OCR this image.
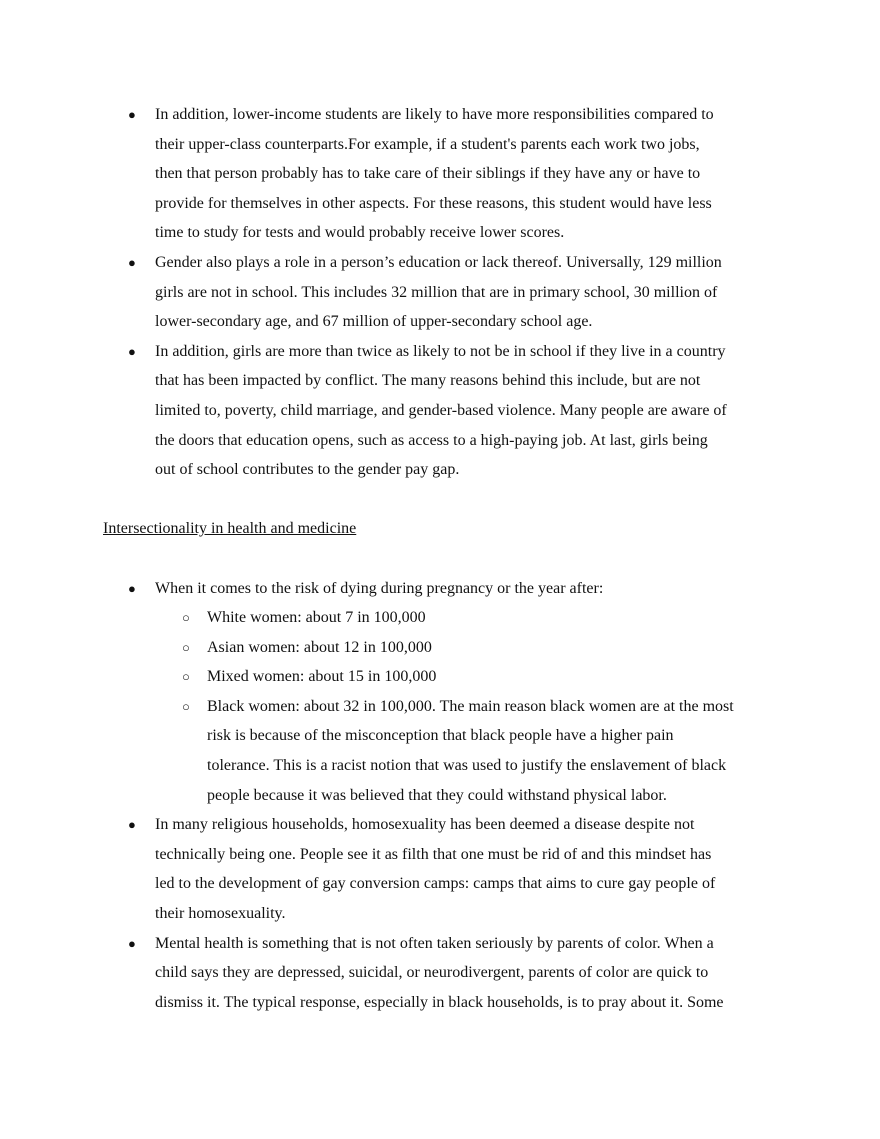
● In addition, lower-income students are likely to have more responsibilities compared to
their upper-class counterparts.For example, if a student's parents each work two jobs,
then that person probably has to take care of their siblings if they have any or have to
provide for themselves in other aspects. For these reasons, this student would have less
time to study for tests and would probably receive lower scores.
● Gender also plays a role in a person’s education or lack thereof. Universally, 129 million
girls are not in school. This includes 32 million that are in primary school, 30 million of
lower-secondary age, and 67 million of upper-secondary school age.
● In addition, girls are more than twice as likely to not be in school if they live in a country
that has been impacted by conflict. The many reasons behind this include, but are not
limited to, poverty, child marriage, and gender-based violence. Many people are aware of
the doors that education opens, such as access to a high-paying job. At last, girls being
out of school contributes to the gender pay gap.
Intersectionality in health and medicine
● When it comes to the risk of dying during pregnancy or the year after:
○ White women: about 7 in 100,000
○ Asian women: about 12 in 100,000
○ Mixed women: about 15 in 100,000
○ Black women: about 32 in 100,000. The main reason black women are at the most
risk is because of the misconception that black people have a higher pain
tolerance. This is a racist notion that was used to justify the enslavement of black
people because it was believed that they could withstand physical labor.
● In many religious households, homosexuality has been deemed a disease despite not
technically being one. People see it as filth that one must be rid of and this mindset has
led to the development of gay conversion camps: camps that aims to cure gay people of
their homosexuality.
● Mental health is something that is not often taken seriously by parents of color. When a
child says they are depressed, suicidal, or neurodivergent, parents of color are quick to
dismiss it. The typical response, especially in black households, is to pray about it. Some
